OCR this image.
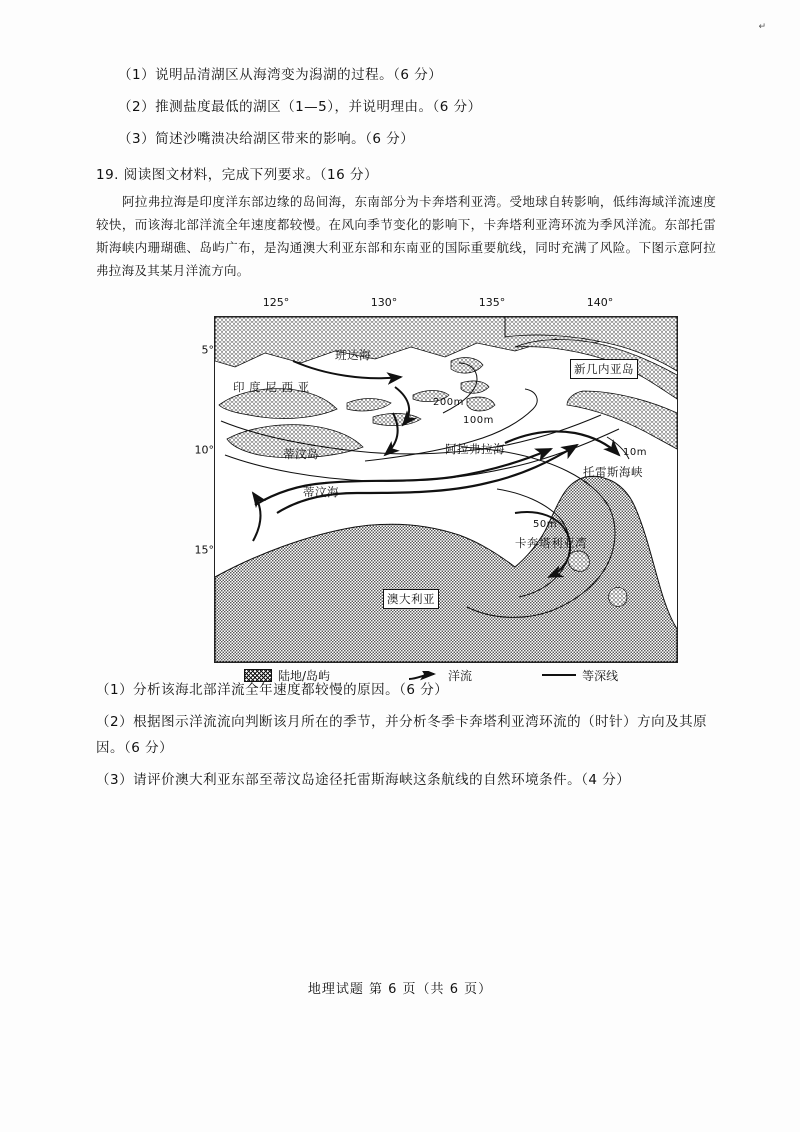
↵

（1）说明品清湖区从海湾变为潟湖的过程。（6 分）

（2）推测盐度最低的湖区（1—5），并说明理由。（6 分）

（3）简述沙嘴溃决给湖区带来的影响。（6 分）

19. 阅读图文材料，完成下列要求。（16 分）

阿拉弗拉海是印度洋东部边缘的岛间海，东南部分为卡奔塔利亚湾。受地球自转影响，低纬海域洋流速度较快，而该海北部洋流全年速度都较慢。在风向季节变化的影响下，卡奔塔利亚湾环流为季风洋流。东部托雷斯海峡内珊瑚礁、岛屿广布，是沟通澳大利亚东部和东南亚的国际重要航线，同时充满了风险。下图示意阿拉弗拉海及其某月洋流方向。

125°	130°	135°	140°
5°
10°
15°
班达海
印 度 尼 西 亚
新几内亚岛
200m
100m
蒂汶岛	阿拉弗拉海	10m
托雷斯海峡
蒂汶海
50m
卡奔塔利亚湾
澳大利亚
陆地/岛屿	洋流	等深线

（1）分析该海北部洋流全年速度都较慢的原因。（6 分）

（2）根据图示洋流流向判断该月所在的季节，并分析冬季卡奔塔利亚湾环流的（时针）方向及其原因。（6 分）

（3）请评价澳大利亚东部至蒂汶岛途径托雷斯海峡这条航线的自然环境条件。（4 分）

地理试题 第 6 页（共 6 页）
